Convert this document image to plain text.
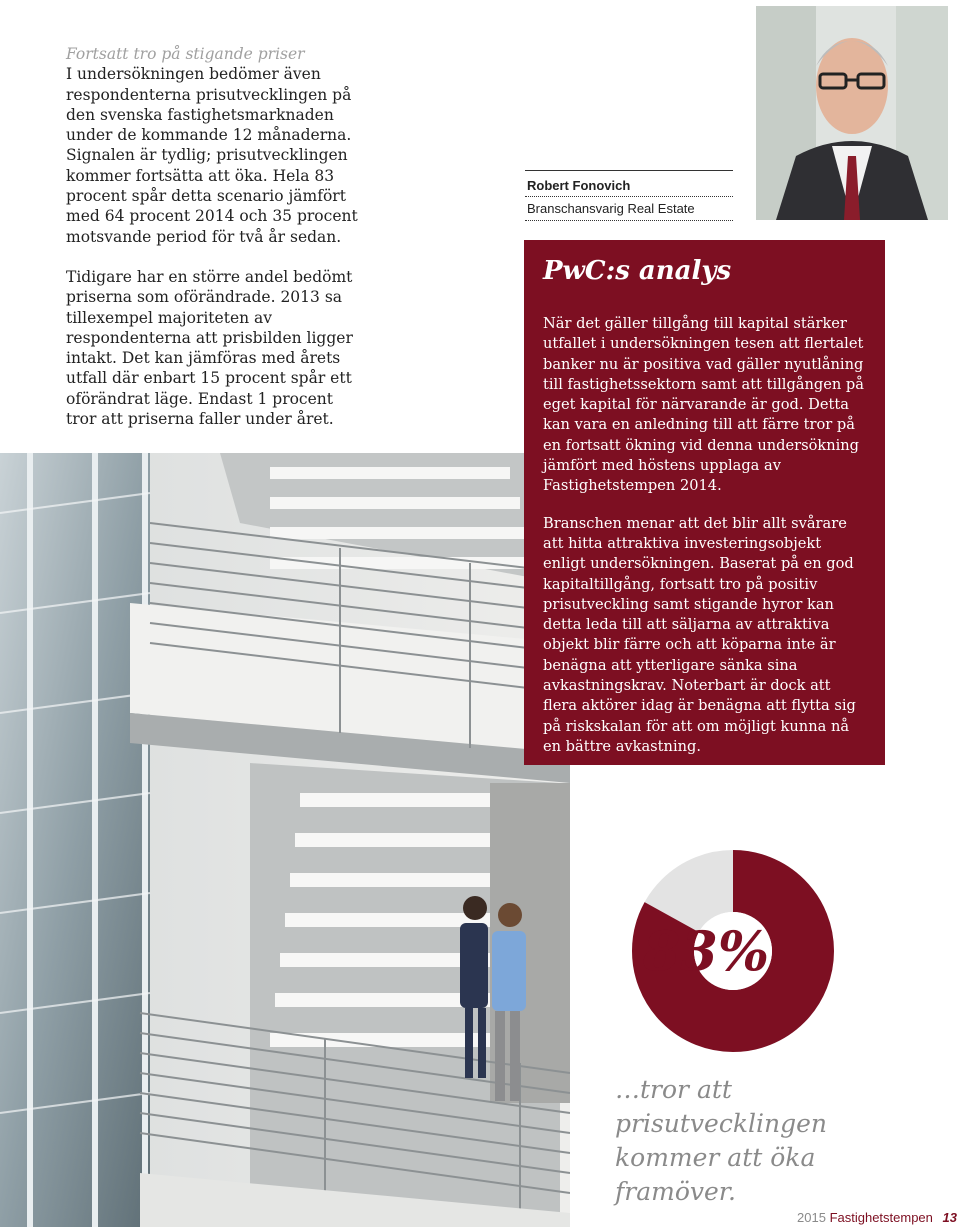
Fortsatt tro på stigande priser

I undersökningen bedömer även respondenterna prisutvecklingen på den svenska fastighetsmarknaden under de kommande 12 månaderna. Signalen är tydlig; prisutvecklingen kommer fortsätta att öka. Hela 83 procent spår detta scenario jämfört med 64 procent 2014 och 35 procent motsvande period för två år sedan.

Tidigare har en större andel bedömt priserna som oförändrade. 2013 sa tillexempel majoriteten av respondenterna att prisbilden ligger intakt. Det kan jämföras med årets utfall där enbart 15 procent spår ett oförändrat läge. Endast 1 procent tror att priserna faller under året.

Robert Fonovich
Branschansvarig Real Estate
PwC:s analys

När det gäller tillgång till kapital stärker utfallet i undersökningen tesen att flertalet banker nu är positiva vad gäller nyutlåning till fastighetssektorn samt att tillgången på eget kapital för närvarande är god. Detta kan vara en anledning till att färre tror på en fortsatt ökning vid denna undersökning jämfört med höstens upplaga av Fastighetstempen 2014.

Branschen menar att det blir allt svårare att hitta attraktiva investeringsobjekt enligt undersökningen. Baserat på en god kapitaltillgång, fortsatt tro på positiv prisutveckling samt stigande hyror kan detta leda till att säljarna av attraktiva objekt blir färre och att köparna inte är benägna att ytterligare sänka sina avkastningskrav. Noterbart är dock att flera aktörer idag är benägna att flytta sig på riskskalan för att om möjligt kunna nå en bättre avkastning.

83%
…tror att prisutvecklingen kommer att öka framöver.
2015 Fastighetstempen 13
